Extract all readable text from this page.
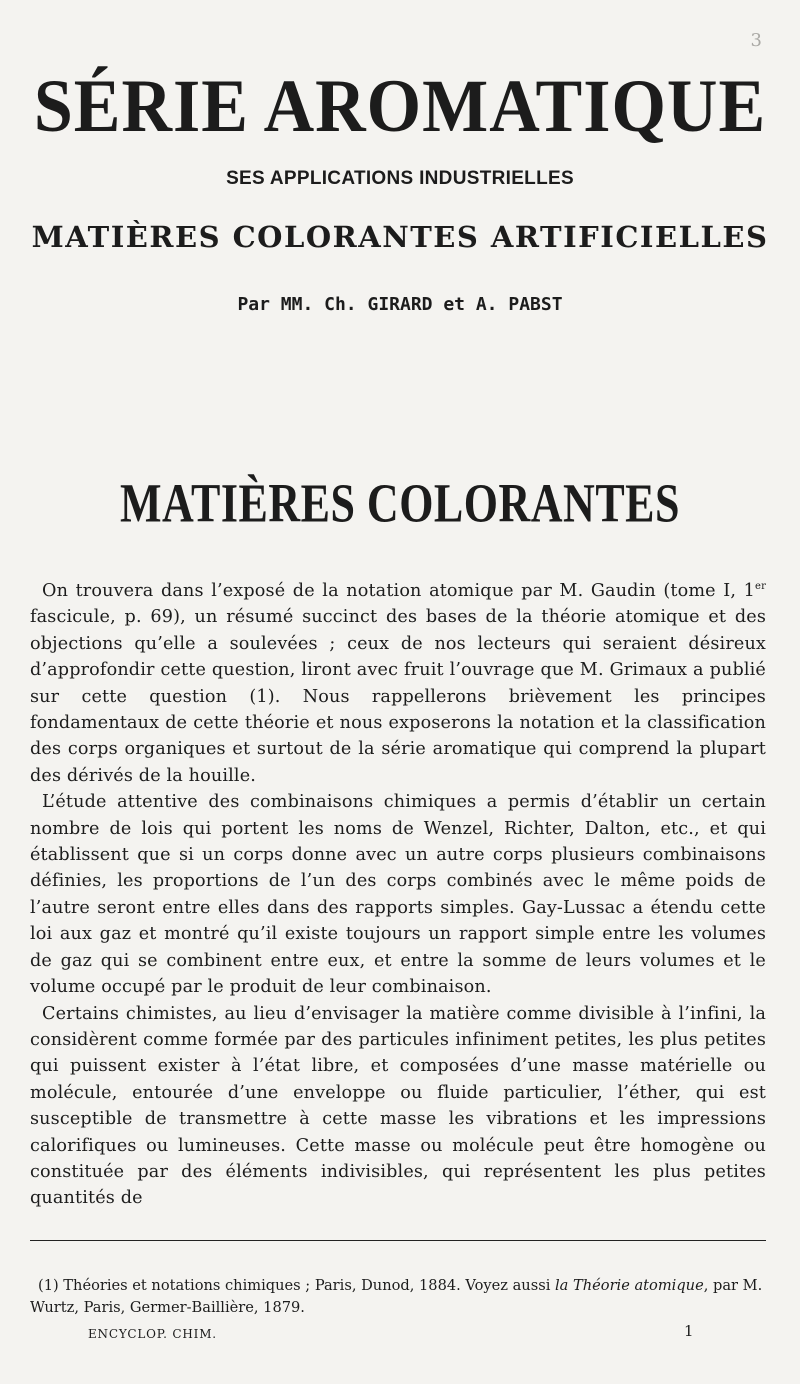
3
SÉRIE AROMATIQUE
SES APPLICATIONS INDUSTRIELLES
MATIÈRES COLORANTES ARTIFICIELLES
Par MM. Ch. GIRARD et A. PABST
MATIÈRES COLORANTES

On trouvera dans l’exposé de la notation atomique par M. Gaudin (tome I, 1er fascicule, p. 69), un résumé succinct des bases de la théorie atomique et des objections qu’elle a soulevées ; ceux de nos lecteurs qui seraient désireux d’approfondir cette question, liront avec fruit l’ouvrage que M. Grimaux a publié sur cette question (1). Nous rappellerons brièvement les principes fondamentaux de cette théorie et nous exposerons la notation et la classification des corps organiques et surtout de la série aromatique qui comprend la plupart des dérivés de la houille.

L’étude attentive des combinaisons chimiques a permis d’établir un certain nombre de lois qui portent les noms de Wenzel, Richter, Dalton, etc., et qui établissent que si un corps donne avec un autre corps plusieurs combinaisons définies, les proportions de l’un des corps combinés avec le même poids de l’autre seront entre elles dans des rapports simples. Gay-Lussac a étendu cette loi aux gaz et montré qu’il existe toujours un rapport simple entre les volumes de gaz qui se combinent entre eux, et entre la somme de leurs volumes et le volume occupé par le produit de leur combinaison.

Certains chimistes, au lieu d’envisager la matière comme divisible à l’infini, la considèrent comme formée par des particules infiniment petites, les plus petites qui puissent exister à l’état libre, et composées d’une masse matérielle ou molécule, entourée d’une enveloppe ou fluide particulier, l’éther, qui est susceptible de transmettre à cette masse les vibrations et les impressions calorifiques ou lumineuses. Cette masse ou molécule peut être homogène ou constituée par des éléments indivisibles, qui représentent les plus petites quantités de

(1) Théories et notations chimiques ; Paris, Dunod, 1884. Voyez aussi la Théorie atomique, par M. Wurtz, Paris, Germer-Baillière, 1879.

ENCYCLOP. CHIM.	1
